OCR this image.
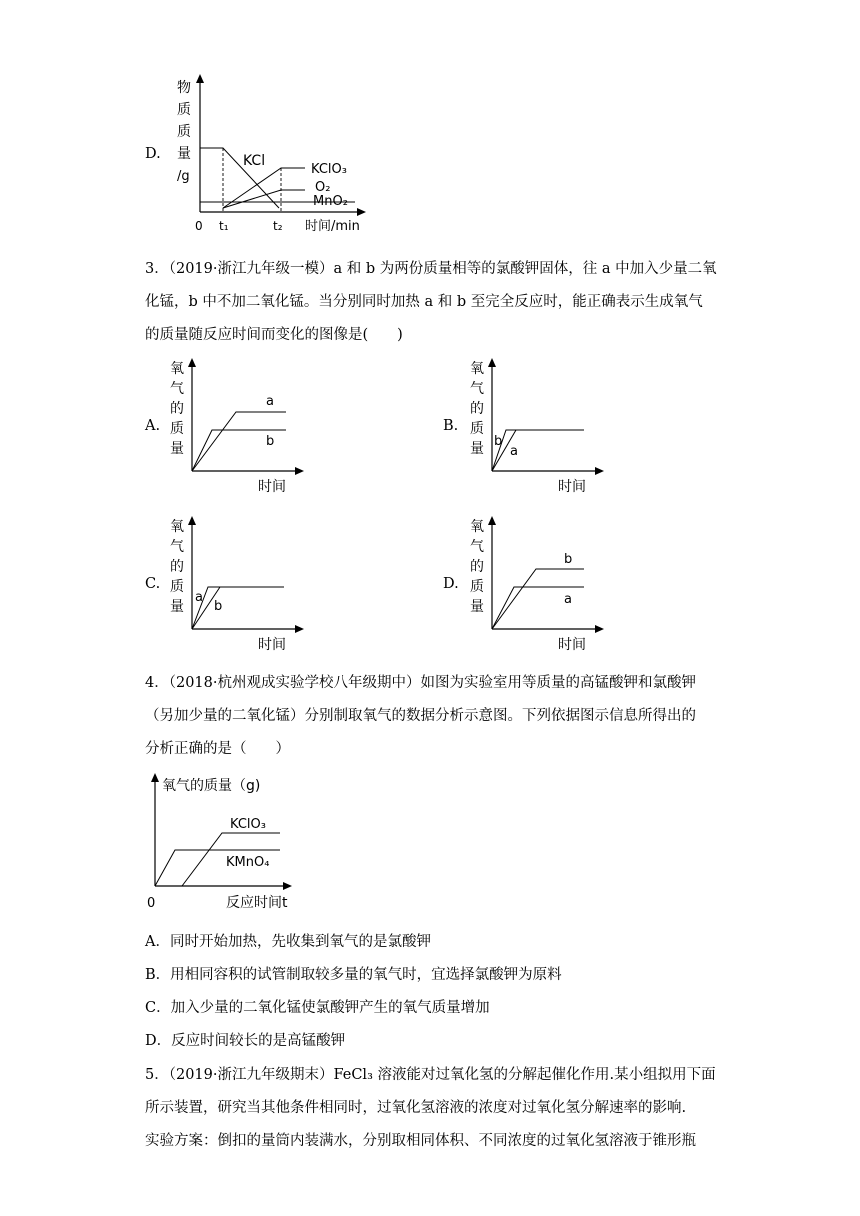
D.
物
质
质
量
/g
KCl
KClO₃
O₂
MnO₂
0 t₁	t₂ 时间/min
3．（2019·浙江九年级一模）a 和 b 为两份质量相等的氯酸钾固体，往 a 中加入少量二氧
化锰，b 中不加二氧化锰。当分别同时加热 a 和 b 至完全反应时，能正确表示生成氧气
的质量随反应时间而变化的图像是(　　)
A.
氧
气
的
质
量
a
b
时间
B.
氧
气
的
质
量 b
a
时间
C.
氧
气
的
质
量
a
b
时间
D.
氧
气
的
质
量
b
a
时间
4．（2018·杭州观成实验学校八年级期中）如图为实验室用等质量的高锰酸钾和氯酸钾
（另加少量的二氧化锰）分别制取氧气的数据分析示意图。下列依据图示信息所得出的
分析正确的是（　　）
氧气的质量（g)
KClO₃
KMnO₄
0	反应时间t
A．同时开始加热，先收集到氧气的是氯酸钾
B．用相同容积的试管制取较多量的氧气时，宜选择氯酸钾为原料
C．加入少量的二氧化锰使氯酸钾产生的氧气质量增加
D．反应时间较长的是高锰酸钾
5．（2019·浙江九年级期末）FeCl₃ 溶液能对过氧化氢的分解起催化作用.某小组拟用下面
所示装置，研究当其他条件相同时，过氧化氢溶液的浓度对过氧化氢分解速率的影响.
实验方案：倒扣的量筒内装满水，分别取相同体积、不同浓度的过氧化氢溶液于锥形瓶
